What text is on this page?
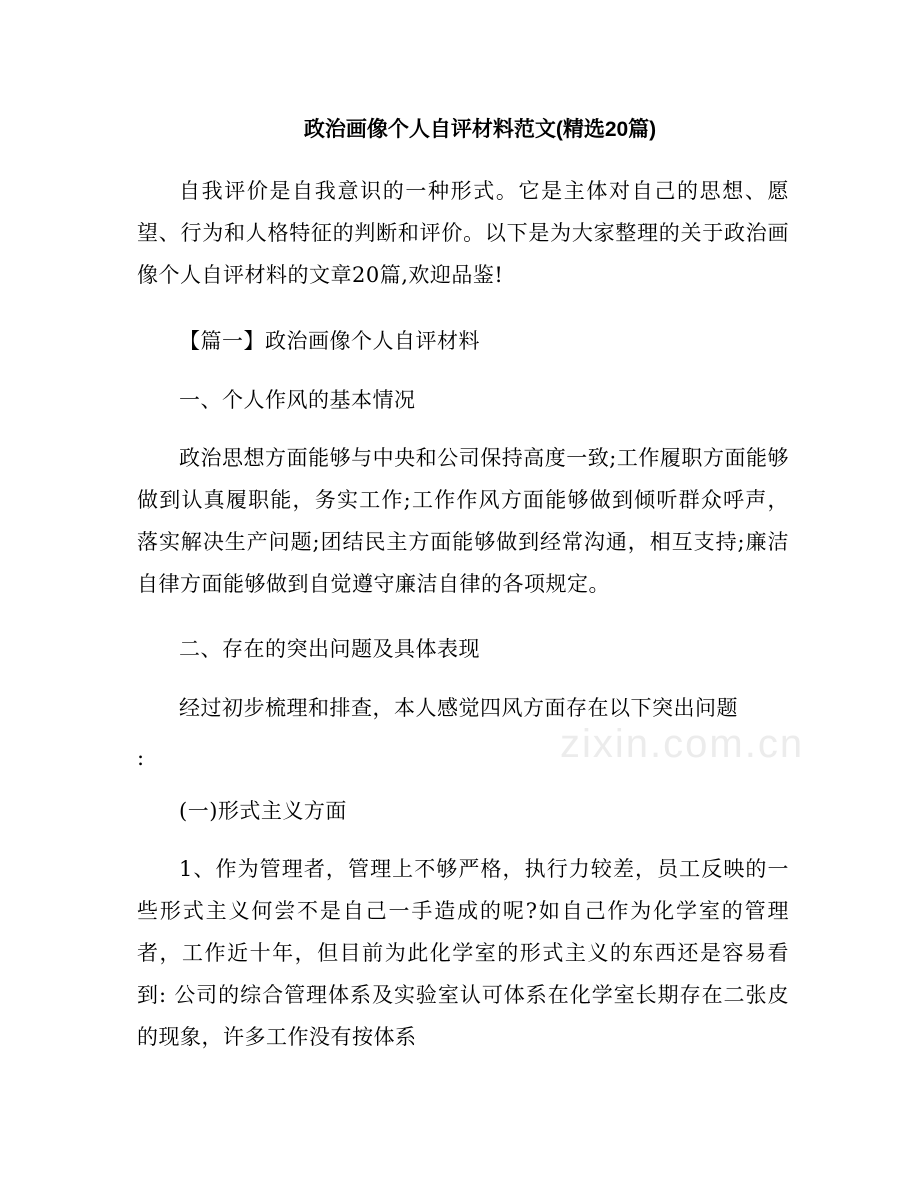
zixin.com.cn
政治画像个人自评材料范文(精选20篇)

自我评价是自我意识的一种形式。它是主体对自己的思想、愿望、行为和人格特征的判断和评价。以下是为大家整理的关于政治画像个人自评材料的文章20篇,欢迎品鉴!

【篇一】政治画像个人自评材料
一、个人作风的基本情况

政治思想方面能够与中央和公司保持高度一致;工作履职方面能够做到认真履职能，务实工作;工作作风方面能够做到倾听群众呼声，落实解决生产问题;团结民主方面能够做到经常沟通，相互支持;廉洁自律方面能够做到自觉遵守廉洁自律的各项规定。

二、存在的突出问题及具体表现

经过初步梳理和排查，本人感觉四风方面存在以下突出问题

:
(一)形式主义方面

1、作为管理者，管理上不够严格，执行力较差，员工反映的一些形式主义何尝不是自己一手造成的呢?如自己作为化学室的管理者，工作近十年，但目前为此化学室的形式主义的东西还是容易看到: 公司的综合管理体系及实验室认可体系在化学室长期存在二张皮的现象，许多工作没有按体系
